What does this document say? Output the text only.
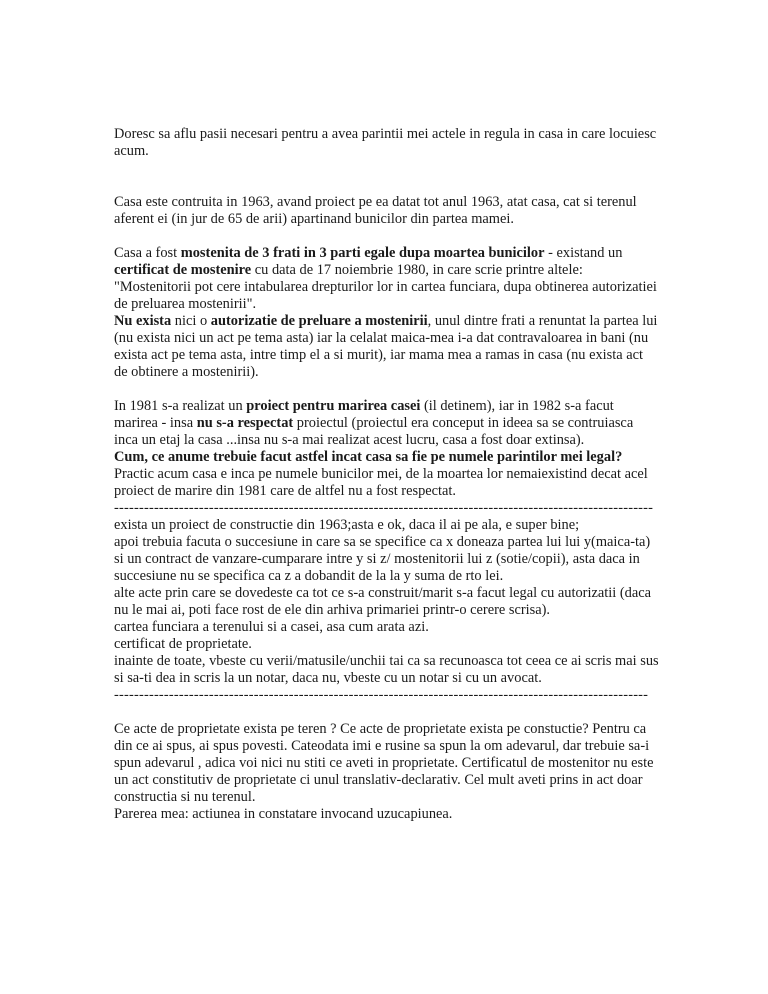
Doresc sa aflu pasii necesari pentru a avea parintii mei actele in regula in casa in care locuiesc acum.

Casa este contruita in 1963, avand proiect pe ea datat tot anul 1963, atat casa, cat si terenul aferent ei (in jur de 65 de arii) apartinand bunicilor din partea mamei.

Casa a fost mostenita de 3 frati in 3 parti egale dupa moartea bunicilor - existand un certificat de mostenire cu data de 17 noiembrie 1980, in care scrie printre altele: "Mostenitorii pot cere intabularea drepturilor lor in cartea funciara, dupa obtinerea autorizatiei de preluarea mostenirii".
Nu exista nici o autorizatie de preluare a mostenirii, unul dintre frati a renuntat la partea lui (nu exista nici un act pe tema asta) iar la celalat maica-mea i-a dat contravaloarea in bani (nu exista act pe tema asta, intre timp el a si murit), iar mama mea a ramas in casa (nu exista act de obtinere a mostenirii).

In 1981 s-a realizat un proiect pentru marirea casei (il detinem), iar in 1982 s-a facut marirea - insa nu s-a respectat proiectul (proiectul era conceput in ideea sa se contruiasca inca un etaj la casa ...insa nu s-a mai realizat acest lucru, casa a fost doar extinsa).
Cum, ce anume trebuie facut astfel incat casa sa fie pe numele parintilor mei legal?
Practic acum casa e inca pe numele bunicilor mei, de la moartea lor nemaiexistind decat acel proiect de marire din 1981 care de altfel nu a fost respectat.

------------------------------------------------------------------------------------------------------------

exista un proiect de constructie din 1963;asta e ok, daca il ai pe ala, e super bine;

apoi trebuia facuta o succesiune in care sa se specifice ca x doneaza partea lui lui y(maica-ta) si un contract de vanzare-cumparare intre y si z/ mostenitorii lui z (sotie/copii), asta daca in succesiune nu se specifica ca z a dobandit de la la y suma de rto lei.

alte acte prin care se dovedeste ca tot ce s-a construit/marit s-a facut legal cu autorizatii (daca nu le mai ai, poti face rost de ele din arhiva primariei printr-o cerere scrisa).

cartea funciara a terenului si a casei, asa cum arata azi.

certificat de proprietate.

inainte de toate, vbeste cu verii/matusile/unchii tai ca sa recunoasca tot ceea ce ai scris mai sus si sa-ti dea in scris la un notar, daca nu, vbeste cu un notar si cu un avocat.

-----------------------------------------------------------------------------------------------------------

Ce acte de proprietate exista pe teren ? Ce acte de proprietate exista pe constuctie? Pentru ca din ce ai spus, ai spus povesti. Cateodata imi e rusine sa spun la om adevarul, dar trebuie sa-i spun adevarul , adica voi nici nu stiti ce aveti in proprietate. Certificatul de mostenitor nu este un act constitutiv de proprietate ci unul translativ-declarativ. Cel mult aveti prins in act doar constructia si nu terenul.

Parerea mea: actiunea in constatare invocand uzucapiunea.
